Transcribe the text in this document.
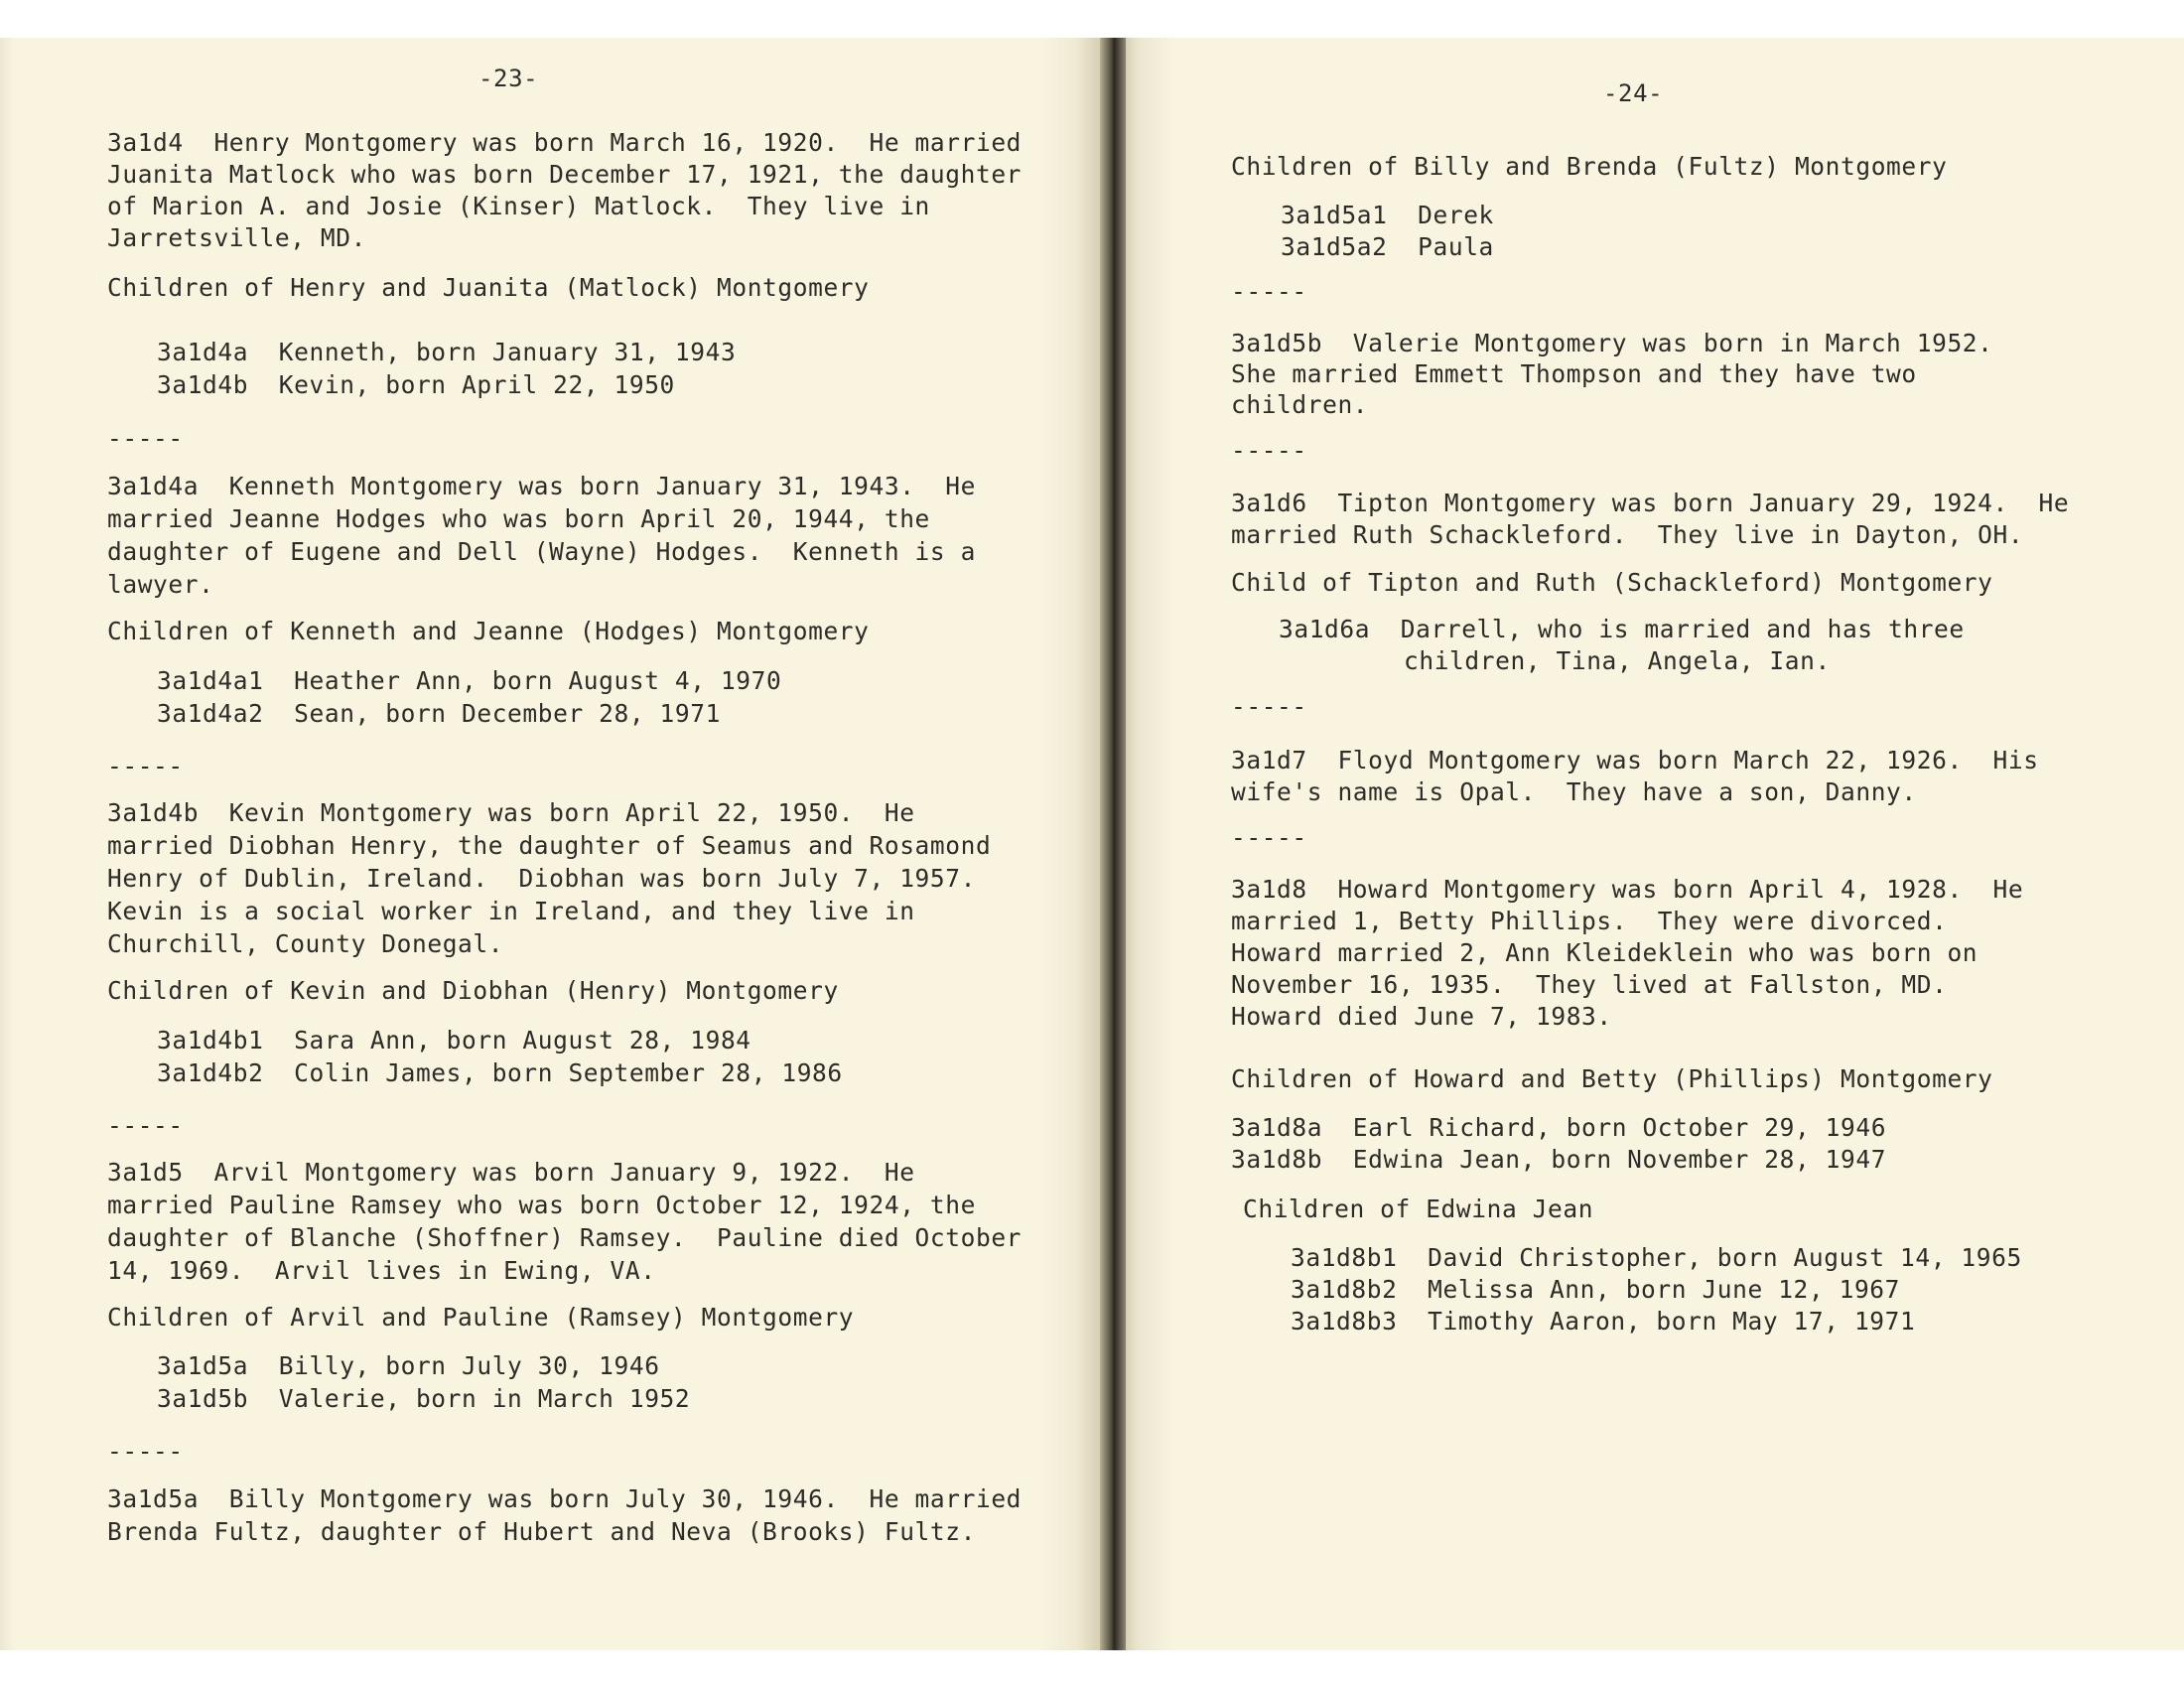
-23-
3a1d4  Henry Montgomery was born March 16, 1920.  He married
Juanita Matlock who was born December 17, 1921, the daughter
of Marion A. and Josie (Kinser) Matlock.  They live in
Jarretsville, MD.
Children of Henry and Juanita (Matlock) Montgomery
3a1d4a  Kenneth, born January 31, 1943
3a1d4b  Kevin, born April 22, 1950
-----
3a1d4a  Kenneth Montgomery was born January 31, 1943.  He
married Jeanne Hodges who was born April 20, 1944, the
daughter of Eugene and Dell (Wayne) Hodges.  Kenneth is a
lawyer.
Children of Kenneth and Jeanne (Hodges) Montgomery
3a1d4a1  Heather Ann, born August 4, 1970
3a1d4a2  Sean, born December 28, 1971
-----
3a1d4b  Kevin Montgomery was born April 22, 1950.  He
married Diobhan Henry, the daughter of Seamus and Rosamond
Henry of Dublin, Ireland.  Diobhan was born July 7, 1957.
Kevin is a social worker in Ireland, and they live in
Churchill, County Donegal.
Children of Kevin and Diobhan (Henry) Montgomery
3a1d4b1  Sara Ann, born August 28, 1984
3a1d4b2  Colin James, born September 28, 1986
-----
3a1d5  Arvil Montgomery was born January 9, 1922.  He
married Pauline Ramsey who was born October 12, 1924, the
daughter of Blanche (Shoffner) Ramsey.  Pauline died October
14, 1969.  Arvil lives in Ewing, VA.
Children of Arvil and Pauline (Ramsey) Montgomery
3a1d5a  Billy, born July 30, 1946
3a1d5b  Valerie, born in March 1952
-----
3a1d5a  Billy Montgomery was born July 30, 1946.  He married
Brenda Fultz, daughter of Hubert and Neva (Brooks) Fultz.
-24-
Children of Billy and Brenda (Fultz) Montgomery
3a1d5a1  Derek
3a1d5a2  Paula
-----
3a1d5b  Valerie Montgomery was born in March 1952.
She married Emmett Thompson and they have two
children.
-----
3a1d6  Tipton Montgomery was born January 29, 1924.  He
married Ruth Schackleford.  They live in Dayton, OH.
Child of Tipton and Ruth (Schackleford) Montgomery
3a1d6a  Darrell, who is married and has three
children, Tina, Angela, Ian.
-----
3a1d7  Floyd Montgomery was born March 22, 1926.  His
wife's name is Opal.  They have a son, Danny.
-----
3a1d8  Howard Montgomery was born April 4, 1928.  He
married 1, Betty Phillips.  They were divorced.
Howard married 2, Ann Kleideklein who was born on
November 16, 1935.  They lived at Fallston, MD.
Howard died June 7, 1983.
Children of Howard and Betty (Phillips) Montgomery
3a1d8a  Earl Richard, born October 29, 1946
3a1d8b  Edwina Jean, born November 28, 1947
Children of Edwina Jean
3a1d8b1  David Christopher, born August 14, 1965
3a1d8b2  Melissa Ann, born June 12, 1967
3a1d8b3  Timothy Aaron, born May 17, 1971
